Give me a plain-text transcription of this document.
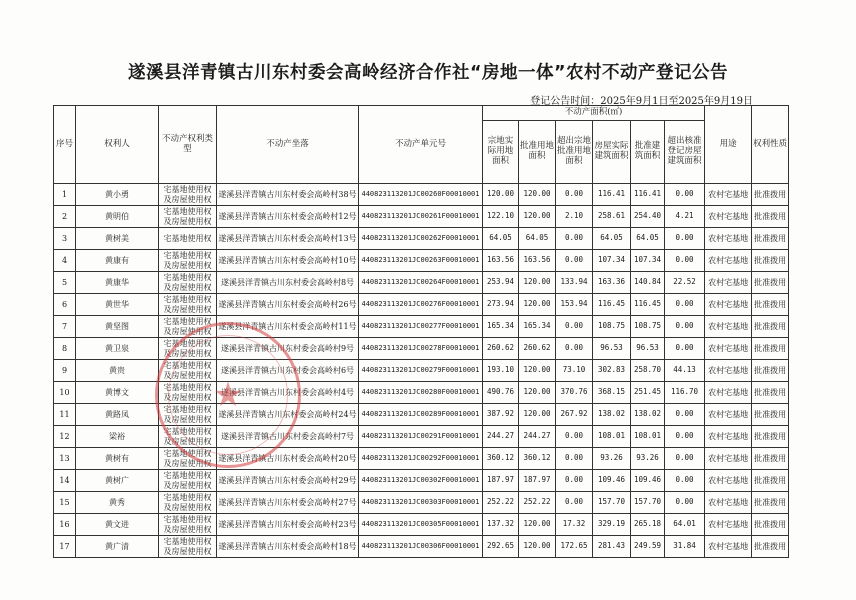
遂溪县洋青镇古川东村委会高岭经济合作社“房地一体”农村不动产登记公告
登记公告时间：2025年9月1日至2025年9月19日
序号	权利人	不动产权利类型	不动产坐落	不动产单元号	不动产面积(㎡)						用途	权利性质
					宗地实际用地面积	批准用地面积	超出宗地批准用地面积	房屋实际建筑面积	批准建筑面积	超出核准登记房屋建筑面积		
1	黄小勇	宅基地使用权及房屋使用权	遂溪县洋青镇古川东村委会高岭村38号	440823113201JC00260F00010001	120.00	120.00	0.00	116.41	116.41	0.00	农村宅基地	批准拨用
2	黄明伯	宅基地使用权及房屋使用权	遂溪县洋青镇古川东村委会高岭村12号	440823113201JC00261F00010001	122.10	120.00	2.10	258.61	254.40	4.21	农村宅基地	批准拨用
3	黄树美	宅基地使用权	遂溪县洋青镇古川东村委会高岭村13号	440823113201JC00262F00010001	64.05	64.05	0.00	64.05	64.05	0.00	农村宅基地	批准拨用
4	黄康有	宅基地使用权及房屋使用权	遂溪县洋青镇古川东村委会高岭村10号	440823113201JC00263F00010001	163.56	163.56	0.00	107.34	107.34	0.00	农村宅基地	批准拨用
5	黄康华	宅基地使用权及房屋使用权	遂溪县洋青镇古川东村委会高岭村8号	440823113201JC00264F00010001	253.94	120.00	133.94	163.36	140.84	22.52	农村宅基地	批准拨用
6	黄世华	宅基地使用权及房屋使用权	遂溪县洋青镇古川东村委会高岭村26号	440823113201JC00276F00010001	273.94	120.00	153.94	116.45	116.45	0.00	农村宅基地	批准拨用
7	黄坚图	宅基地使用权及房屋使用权	遂溪县洋青镇古川东村委会高岭村11号	440823113201JC00277F00010001	165.34	165.34	0.00	108.75	108.75	0.00	农村宅基地	批准拨用
8	黄卫泉	宅基地使用权及房屋使用权	遂溪县洋青镇古川东村委会高岭村9号	440823113201JC00278F00010001	260.62	260.62	0.00	96.53	96.53	0.00	农村宅基地	批准拨用
9	黄贵	宅基地使用权及房屋使用权	遂溪县洋青镇古川东村委会高岭村6号	440823113201JC00279F00010001	193.10	120.00	73.10	302.83	258.70	44.13	农村宅基地	批准拨用
10	黄博文	宅基地使用权及房屋使用权	遂溪县洋青镇古川东村委会高岭村4号	440823113201JC00280F00010001	490.76	120.00	370.76	368.15	251.45	116.70	农村宅基地	批准拨用
11	黄路凤	宅基地使用权及房屋使用权	遂溪县洋青镇古川东村委会高岭村24号	440823113201JC00289F00010001	387.92	120.00	267.92	138.02	138.02	0.00	农村宅基地	批准拨用
12	梁裕	宅基地使用权及房屋使用权	遂溪县洋青镇古川东村委会高岭村7号	440823113201JC00291F00010001	244.27	244.27	0.00	108.01	108.01	0.00	农村宅基地	批准拨用
13	黄树有	宅基地使用权及房屋使用权	遂溪县洋青镇古川东村委会高岭村20号	440823113201JC00292F00010001	360.12	360.12	0.00	93.26	93.26	0.00	农村宅基地	批准拨用
14	黄树广	宅基地使用权及房屋使用权	遂溪县洋青镇古川东村委会高岭村29号	440823113201JC00302F00010001	187.97	187.97	0.00	109.46	109.46	0.00	农村宅基地	批准拨用
15	黄秀	宅基地使用权及房屋使用权	遂溪县洋青镇古川东村委会高岭村27号	440823113201JC00303F00010001	252.22	252.22	0.00	157.70	157.70	0.00	农村宅基地	批准拨用
16	黄文进	宅基地使用权及房屋使用权	遂溪县洋青镇古川东村委会高岭村23号	440823113201JC00305F00010001	137.32	120.00	17.32	329.19	265.18	64.01	农村宅基地	批准拨用
17	黄广清	宅基地使用权及房屋使用权	遂溪县洋青镇古川东村委会高岭村18号	440823113201JC00306F00010001	292.65	120.00	172.65	281.43	249.59	31.84	农村宅基地	批准拨用
★
